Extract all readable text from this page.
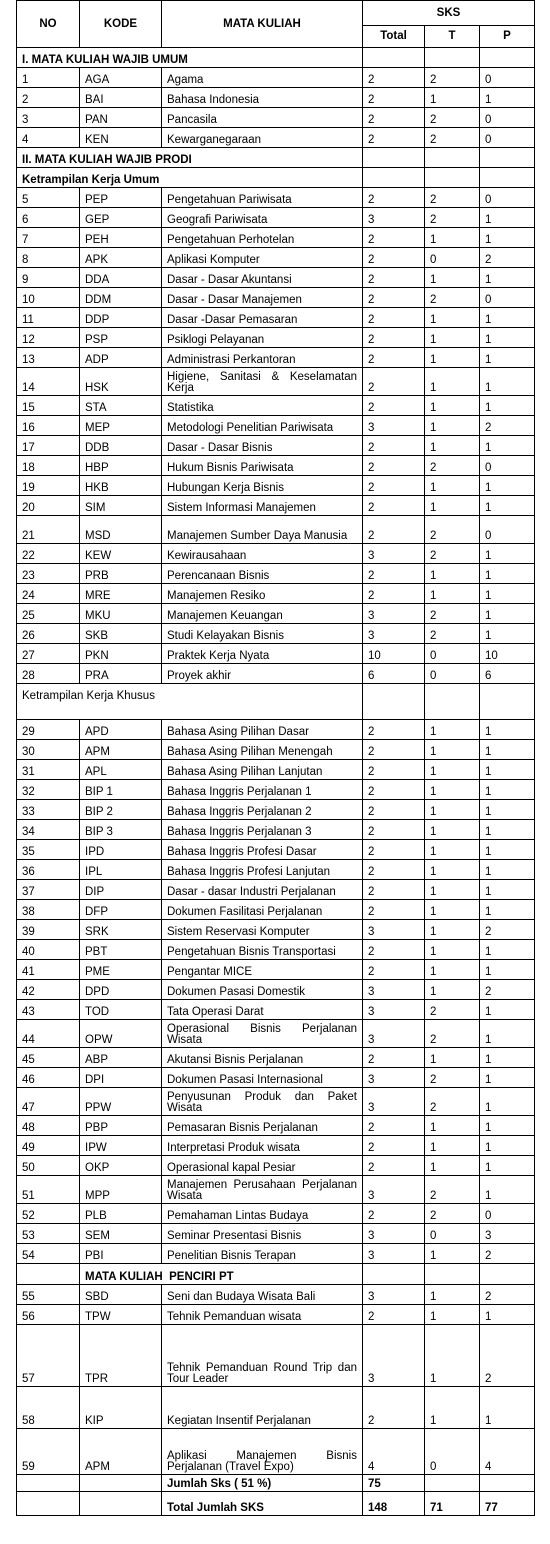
NO	KODE	MATA KULIAH	SKS		
			Total	T	P
I. MATA KULIAH WAJIB UMUM					
1	AGA	Agama	2	2	0
2	BAI	Bahasa Indonesia	2	1	1
3	PAN	Pancasila	2	2	0
4	KEN	Kewarganegaraan	2	2	0
II. MATA KULIAH WAJIB PRODI					
Ketrampilan Kerja Umum					
5	PEP	Pengetahuan Pariwisata	2	2	0
6	GEP	Geografi Pariwisata	3	2	1
7	PEH	Pengetahuan Perhotelan	2	1	1
8	APK	Aplikasi Komputer	2	0	2
9	DDA	Dasar - Dasar Akuntansi	2	1	1
10	DDM	Dasar - Dasar Manajemen	2	2	0
11	DDP	Dasar -Dasar Pemasaran	2	1	1
12	PSP	Psiklogi Pelayanan	2	1	1
13	ADP	Administrasi Perkantoran	2	1	1
14	HSK	Higiene, Sanitasi & Keselamatan Kerja	2	1	1
15	STA	Statistika	2	1	1
16	MEP	Metodologi Penelitian Pariwisata	3	1	2
17	DDB	Dasar - Dasar Bisnis	2	1	1
18	HBP	Hukum Bisnis Pariwisata	2	2	0
19	HKB	Hubungan Kerja Bisnis	2	1	1
20	SIM	Sistem Informasi Manajemen	2	1	1
21	MSD	Manajemen Sumber Daya Manusia	2	2	0
22	KEW	Kewirausahaan	3	2	1
23	PRB	Perencanaan Bisnis	2	1	1
24	MRE	Manajemen Resiko	2	1	1
25	MKU	Manajemen Keuangan	3	2	1
26	SKB	Studi Kelayakan Bisnis	3	2	1
27	PKN	Praktek Kerja Nyata	10	0	10
28	PRA	Proyek akhir	6	0	6
Ketrampilan Kerja Khusus					
29	APD	Bahasa Asing Pilihan Dasar	2	1	1
30	APM	Bahasa Asing Pilihan Menengah	2	1	1
31	APL	Bahasa Asing Pilihan Lanjutan	2	1	1
32	BIP 1	Bahasa Inggris Perjalanan 1	2	1	1
33	BIP 2	Bahasa Inggris Perjalanan 2	2	1	1
34	BIP 3	Bahasa Inggris Perjalanan 3	2	1	1
35	IPD	Bahasa Inggris Profesi Dasar	2	1	1
36	IPL	Bahasa Inggris Profesi Lanjutan	2	1	1
37	DIP	Dasar - dasar Industri Perjalanan	2	1	1
38	DFP	Dokumen Fasilitasi Perjalanan	2	1	1
39	SRK	Sistem Reservasi Komputer	3	1	2
40	PBT	Pengetahuan Bisnis Transportasi	2	1	1
41	PME	Pengantar MICE	2	1	1
42	DPD	Dokumen Pasasi Domestik	3	1	2
43	TOD	Tata Operasi Darat	3	2	1
44	OPW	Operasional Bisnis Perjalanan Wisata	3	2	1
45	ABP	Akutansi Bisnis Perjalanan	2	1	1
46	DPI	Dokumen Pasasi Internasional	3	2	1
47	PPW	Penyusunan Produk dan Paket Wisata	3	2	1
48	PBP	Pemasaran Bisnis Perjalanan	2	1	1
49	IPW	Interpretasi Produk wisata	2	1	1
50	OKP	Operasional kapal Pesiar	2	1	1
51	MPP	Manajemen Perusahaan Perjalanan Wisata	3	2	1
52	PLB	Pemahaman Lintas Budaya	2	2	0
53	SEM	Seminar Presentasi Bisnis	3	0	3
54	PBI	Penelitian Bisnis Terapan	3	1	2
	MATA KULIAH  PENCIRI PT				
55	SBD	Seni dan Budaya Wisata Bali	3	1	2
56	TPW	Tehnik Pemanduan wisata	2	1	1
57	TPR	Tehnik Pemanduan Round Trip dan Tour Leader	3	1	2
58	KIP	Kegiatan Insentif Perjalanan	2	1	1
59	APM	Aplikasi Manajemen Bisnis Perjalanan (Travel Expo)	4	0	4
		Jumlah Sks ( 51 %)	75		
		Total Jumlah SKS	148	71	77
